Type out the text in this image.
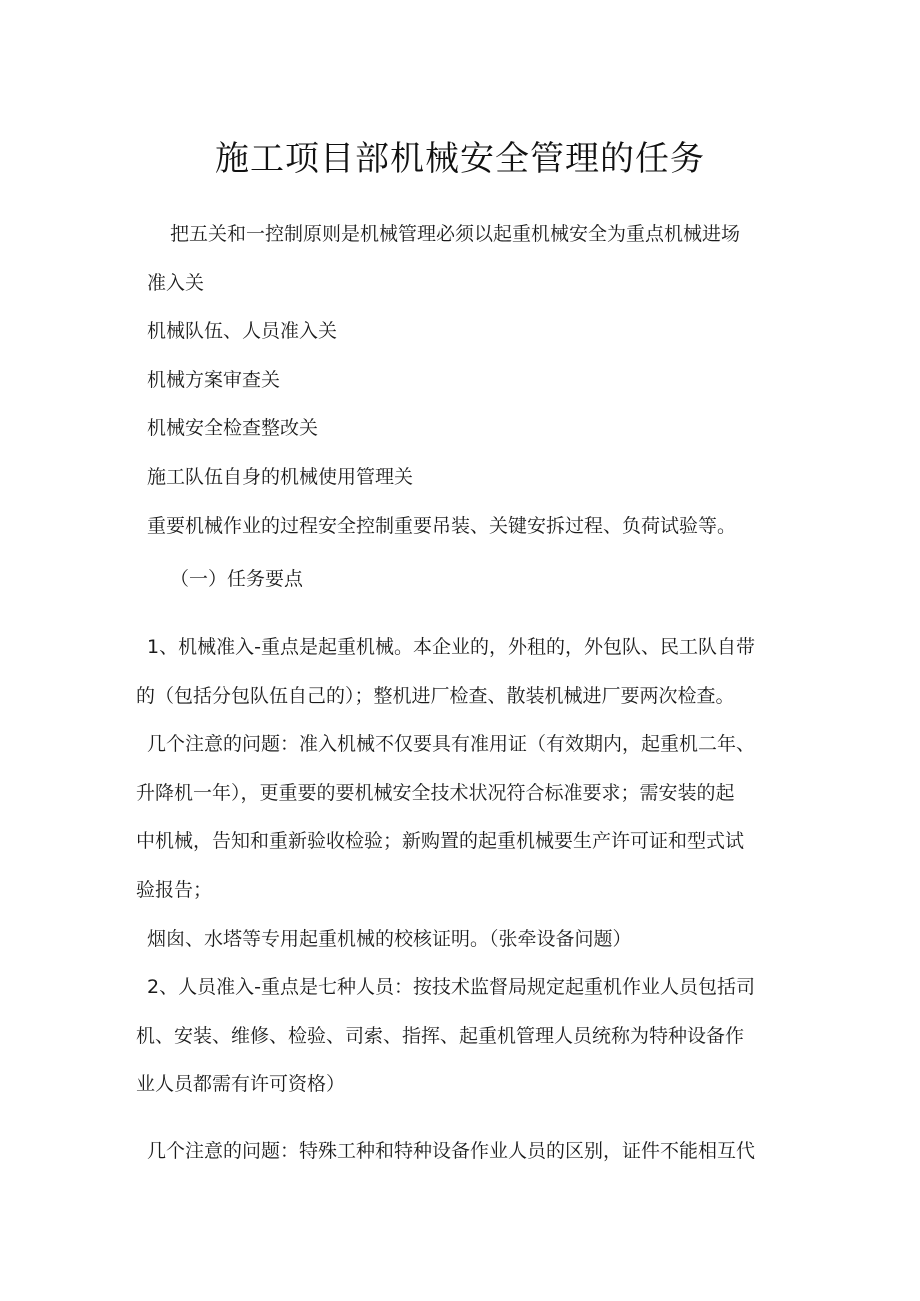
施工项目部机械安全管理的任务

把五关和一控制原则是机械管理必须以起重机械安全为重点机械进场

准入关

机械队伍、人员准入关

机械方案审查关

机械安全检查整改关

施工队伍自身的机械使用管理关

重要机械作业的过程安全控制重要吊装、关键安拆过程、负荷试验等。

（一）任务要点

1、机械准入-重点是起重机械。本企业的，外租的，外包队、民工队自带

的（包括分包队伍自己的）；整机进厂检查、散装机械进厂要两次检查。

几个注意的问题：准入机械不仅要具有准用证（有效期内，起重机二年、

升降机一年），更重要的要机械安全技术状况符合标准要求；需安装的起

中机械，告知和重新验收检验；新购置的起重机械要生产许可证和型式试

验报告；

烟囱、水塔等专用起重机械的校核证明。（张牵设备问题）

2、人员准入-重点是七种人员：按技术监督局规定起重机作业人员包括司

机、安装、维修、检验、司索、指挥、起重机管理人员统称为特种设备作

业人员都需有许可资格）

几个注意的问题：特殊工种和特种设备作业人员的区别，证件不能相互代
